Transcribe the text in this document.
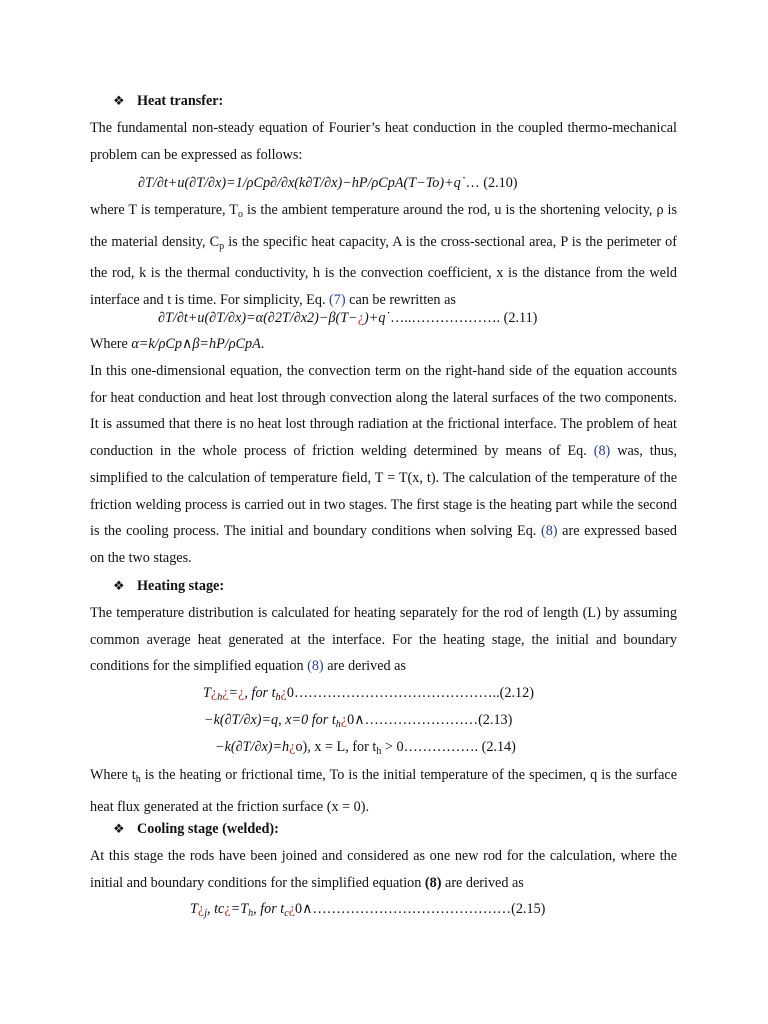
❖ Heat transfer:
The fundamental non-steady equation of Fourier’s heat conduction in the coupled thermo-mechanical problem can be expressed as follows:
∂T/∂t+u(∂T/∂x)=1/ρCp∂/∂x(k∂T/∂x)−hP/ρCpA(T−To)+q˙… (2.10)
where T is temperature, $T_o$ is the ambient temperature around the rod, u is the shortening velocity, ρ is the material density, $C_p$ is the specific heat capacity, A is the cross-sectional area, P is the perimeter of the rod, k is the thermal conductivity, h is the convection coefficient, x is the distance from the weld interface and t is time. For simplicity, Eq. (7) can be rewritten as
∂T/∂t+u(∂T/∂x)=α(∂2T/∂x2)−β(T−¿)+q˙…..………………. (2.11)
Where α=k/ρCp∧β=hP/ρCpA.
In this one-dimensional equation, the convection term on the right-hand side of the equation accounts for heat conduction and heat lost through convection along the lateral surfaces of the two components. It is assumed that there is no heat lost through radiation at the frictional interface. The problem of heat conduction in the whole process of friction welding determined by means of Eq. (8) was, thus, simplified to the calculation of temperature field, T = T(x, t). The calculation of the temperature of the friction welding process is carried out in two stages. The first stage is the heating part while the second is the cooling process. The initial and boundary conditions when solving Eq. (8) are expressed based on the two stages.
❖ Heating stage:
The temperature distribution is calculated for heating separately for the rod of length (L) by assuming common average heat generated at the interface. For the heating stage, the initial and boundary conditions for the simplified equation (8) are derived as
$T¿_h¿=¿$, for $t_h¿0\dots\dots\dots\dots\dots\dots\dots\dots\dots\dots\dots\dots\dots\dots..(2.12)$
−k(∂T/∂x)=q, x=0 for $t_h¿0\wedge\dots\dots\dots\dots\dots\dots\dots\dots(2.13)$
−k(∂T/∂x)=h¿o), x = L, for $t_h$ > 0……………. (2.14)
Where $t_h$ is the heating or frictional time, To is the initial temperature of the specimen, q is the surface heat flux generated at the friction surface (x = 0).
❖ Cooling stage (welded):
At this stage the rods have been joined and considered as one new rod for the calculation, where the initial and boundary conditions for the simplified equation (8) are derived as
$T¿_j$, $tc¿=T_h$, for $t_c¿0\wedge\dots\dots\dots\dots\dots\dots\dots\dots\dots\dots\dots\dots\dots\dots(2.15)$
